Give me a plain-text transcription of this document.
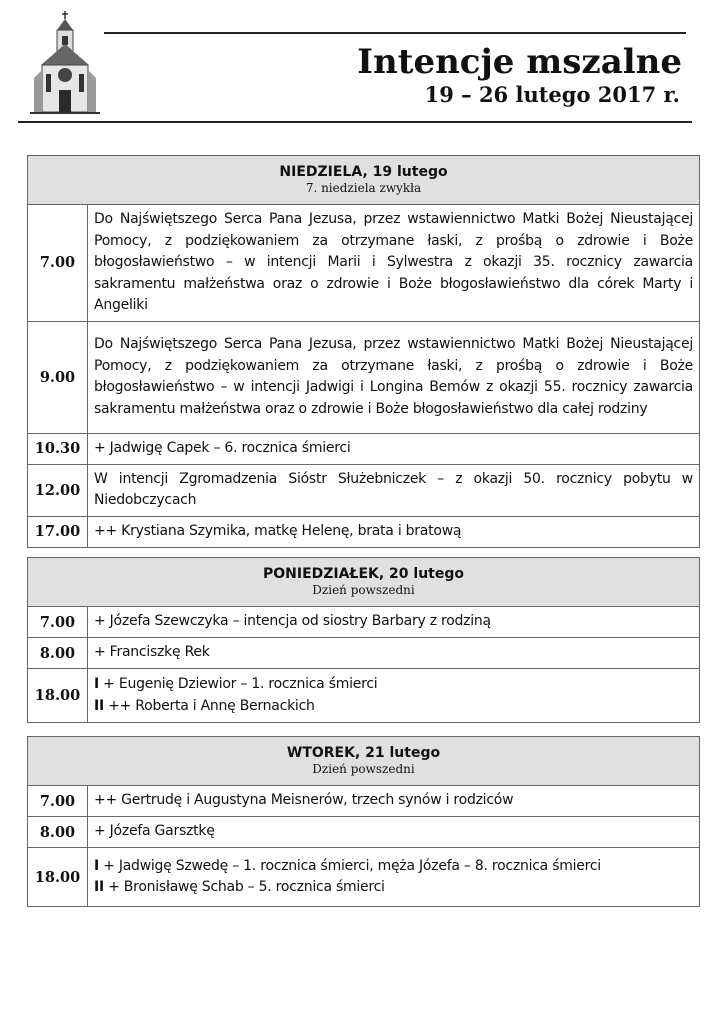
Intencje mszalne
19 – 26 lutego 2017 r.
NIEDZIELA, 19 lutego
7. niedziela zwykła	

7.00	Do Najświętszego Serca Pana Jezusa, przez wstawiennictwo Matki Bożej Nieustającej Pomocy, z podziękowaniem za otrzymane łaski, z prośbą o zdrowie i Boże błogosławieństwo – w intencji Marii i Sylwestra z okazji 35. rocznicy zawarcia sakramentu małżeństwa oraz o zdrowie i Boże błogosławieństwo dla córek Marty i Angeliki
9.00	Do Najświętszego Serca Pana Jezusa, przez wstawiennictwo Matki Bożej Nieustającej Pomocy, z podziękowaniem za otrzymane łaski, z prośbą o zdrowie i Boże błogosławieństwo – w intencji Jadwigi i Longina Bemów z okazji 55. rocznicy zawarcia sakramentu małżeństwa oraz o zdrowie i Boże błogosławieństwo dla całej rodziny
10.30	+ Jadwigę Capek – 6. rocznica śmierci
12.00	W intencji Zgromadzenia Sióstr Służebniczek – z okazji 50. rocznicy pobytu w Niedobczycach
17.00	++ Krystiana Szymika, matkę Helenę, brata i bratową
PONIEDZIAŁEK, 20 lutego
Dzień powszedni	

7.00	+ Józefa Szewczyka – intencja od siostry Barbary z rodziną
8.00	+ Franciszkę Rek
18.00	I + Eugenię Dziewior – 1. rocznica śmierci
II ++ Roberta i Annę Bernackich
WTOREK, 21 lutego
Dzień powszedni	

7.00	++ Gertrudę i Augustyna Meisnerów, trzech synów i rodziców
8.00	+ Józefa Garsztkę
18.00	I + Jadwigę Szwedę – 1. rocznica śmierci, męża Józefa – 8. rocznica śmierci
II + Bronisławę Schab – 5. rocznica śmierci
